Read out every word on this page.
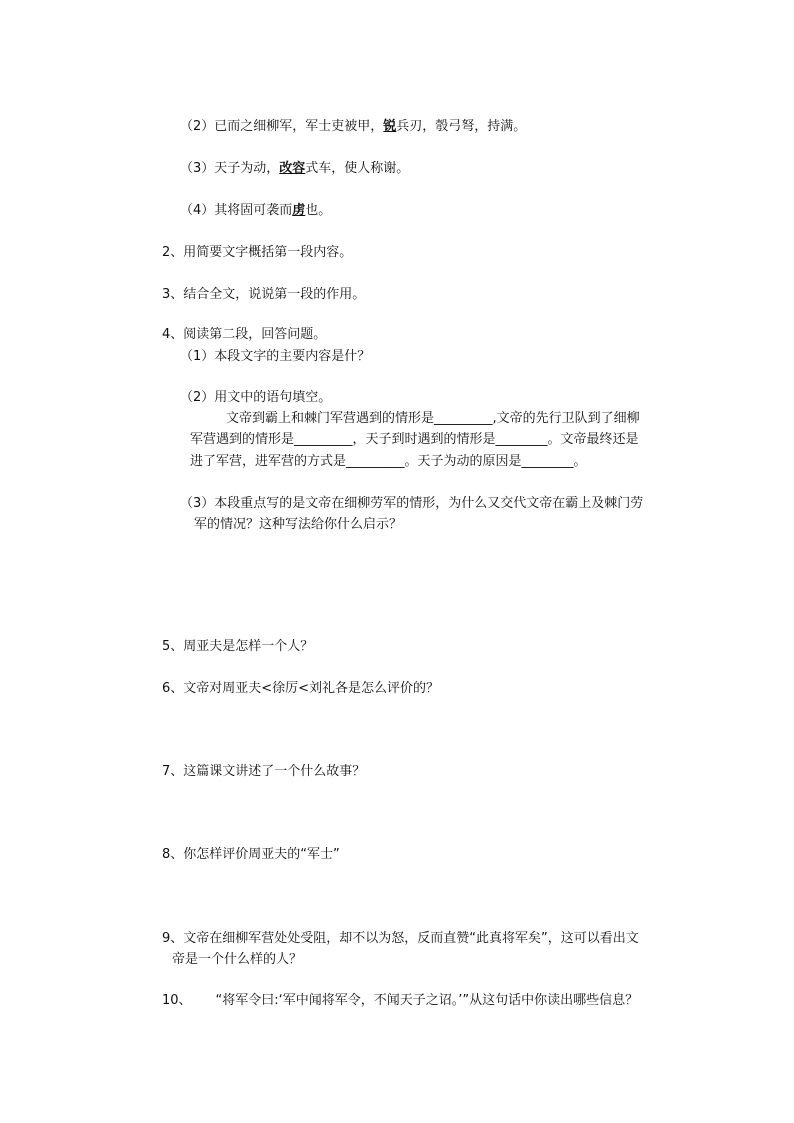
（2）已而之细柳军，军士吏被甲，锐兵刃，彀弓弩，持满。
（3）天子为动，改容式车，使人称谢。
（4）其将固可袭而虏也。
2、用简要文字概括第一段内容。
3、结合全文，说说第一段的作用。
4、阅读第二段，回答问题。
（1）本段文字的主要内容是什？
（2）用文中的语句填空。
文帝到霸上和棘门军营遇到的情形是_________,文帝的先行卫队到了细柳
军营遇到的情形是_________，天子到时遇到的情形是________。文帝最终还是
进了军营，进军营的方式是_________。天子为动的原因是________。
（3）本段重点写的是文帝在细柳劳军的情形，为什么又交代文帝在霸上及棘门劳
军的情况？这种写法给你什么启示？
5、周亚夫是怎样一个人？
6、文帝对周亚夫<徐厉<刘礼各是怎么评价的？
7、这篇课文讲述了一个什么故事？
8、你怎样评价周亚夫的“军士”
9、文帝在细柳军营处处受阻，却不以为怒，反而直赞“此真将军矣”，这可以看出文
帝是一个什么样的人？
10、 “将军令曰:‘军中闻将军令，不闻天子之诏。’”从这句话中你读出哪些信息？
